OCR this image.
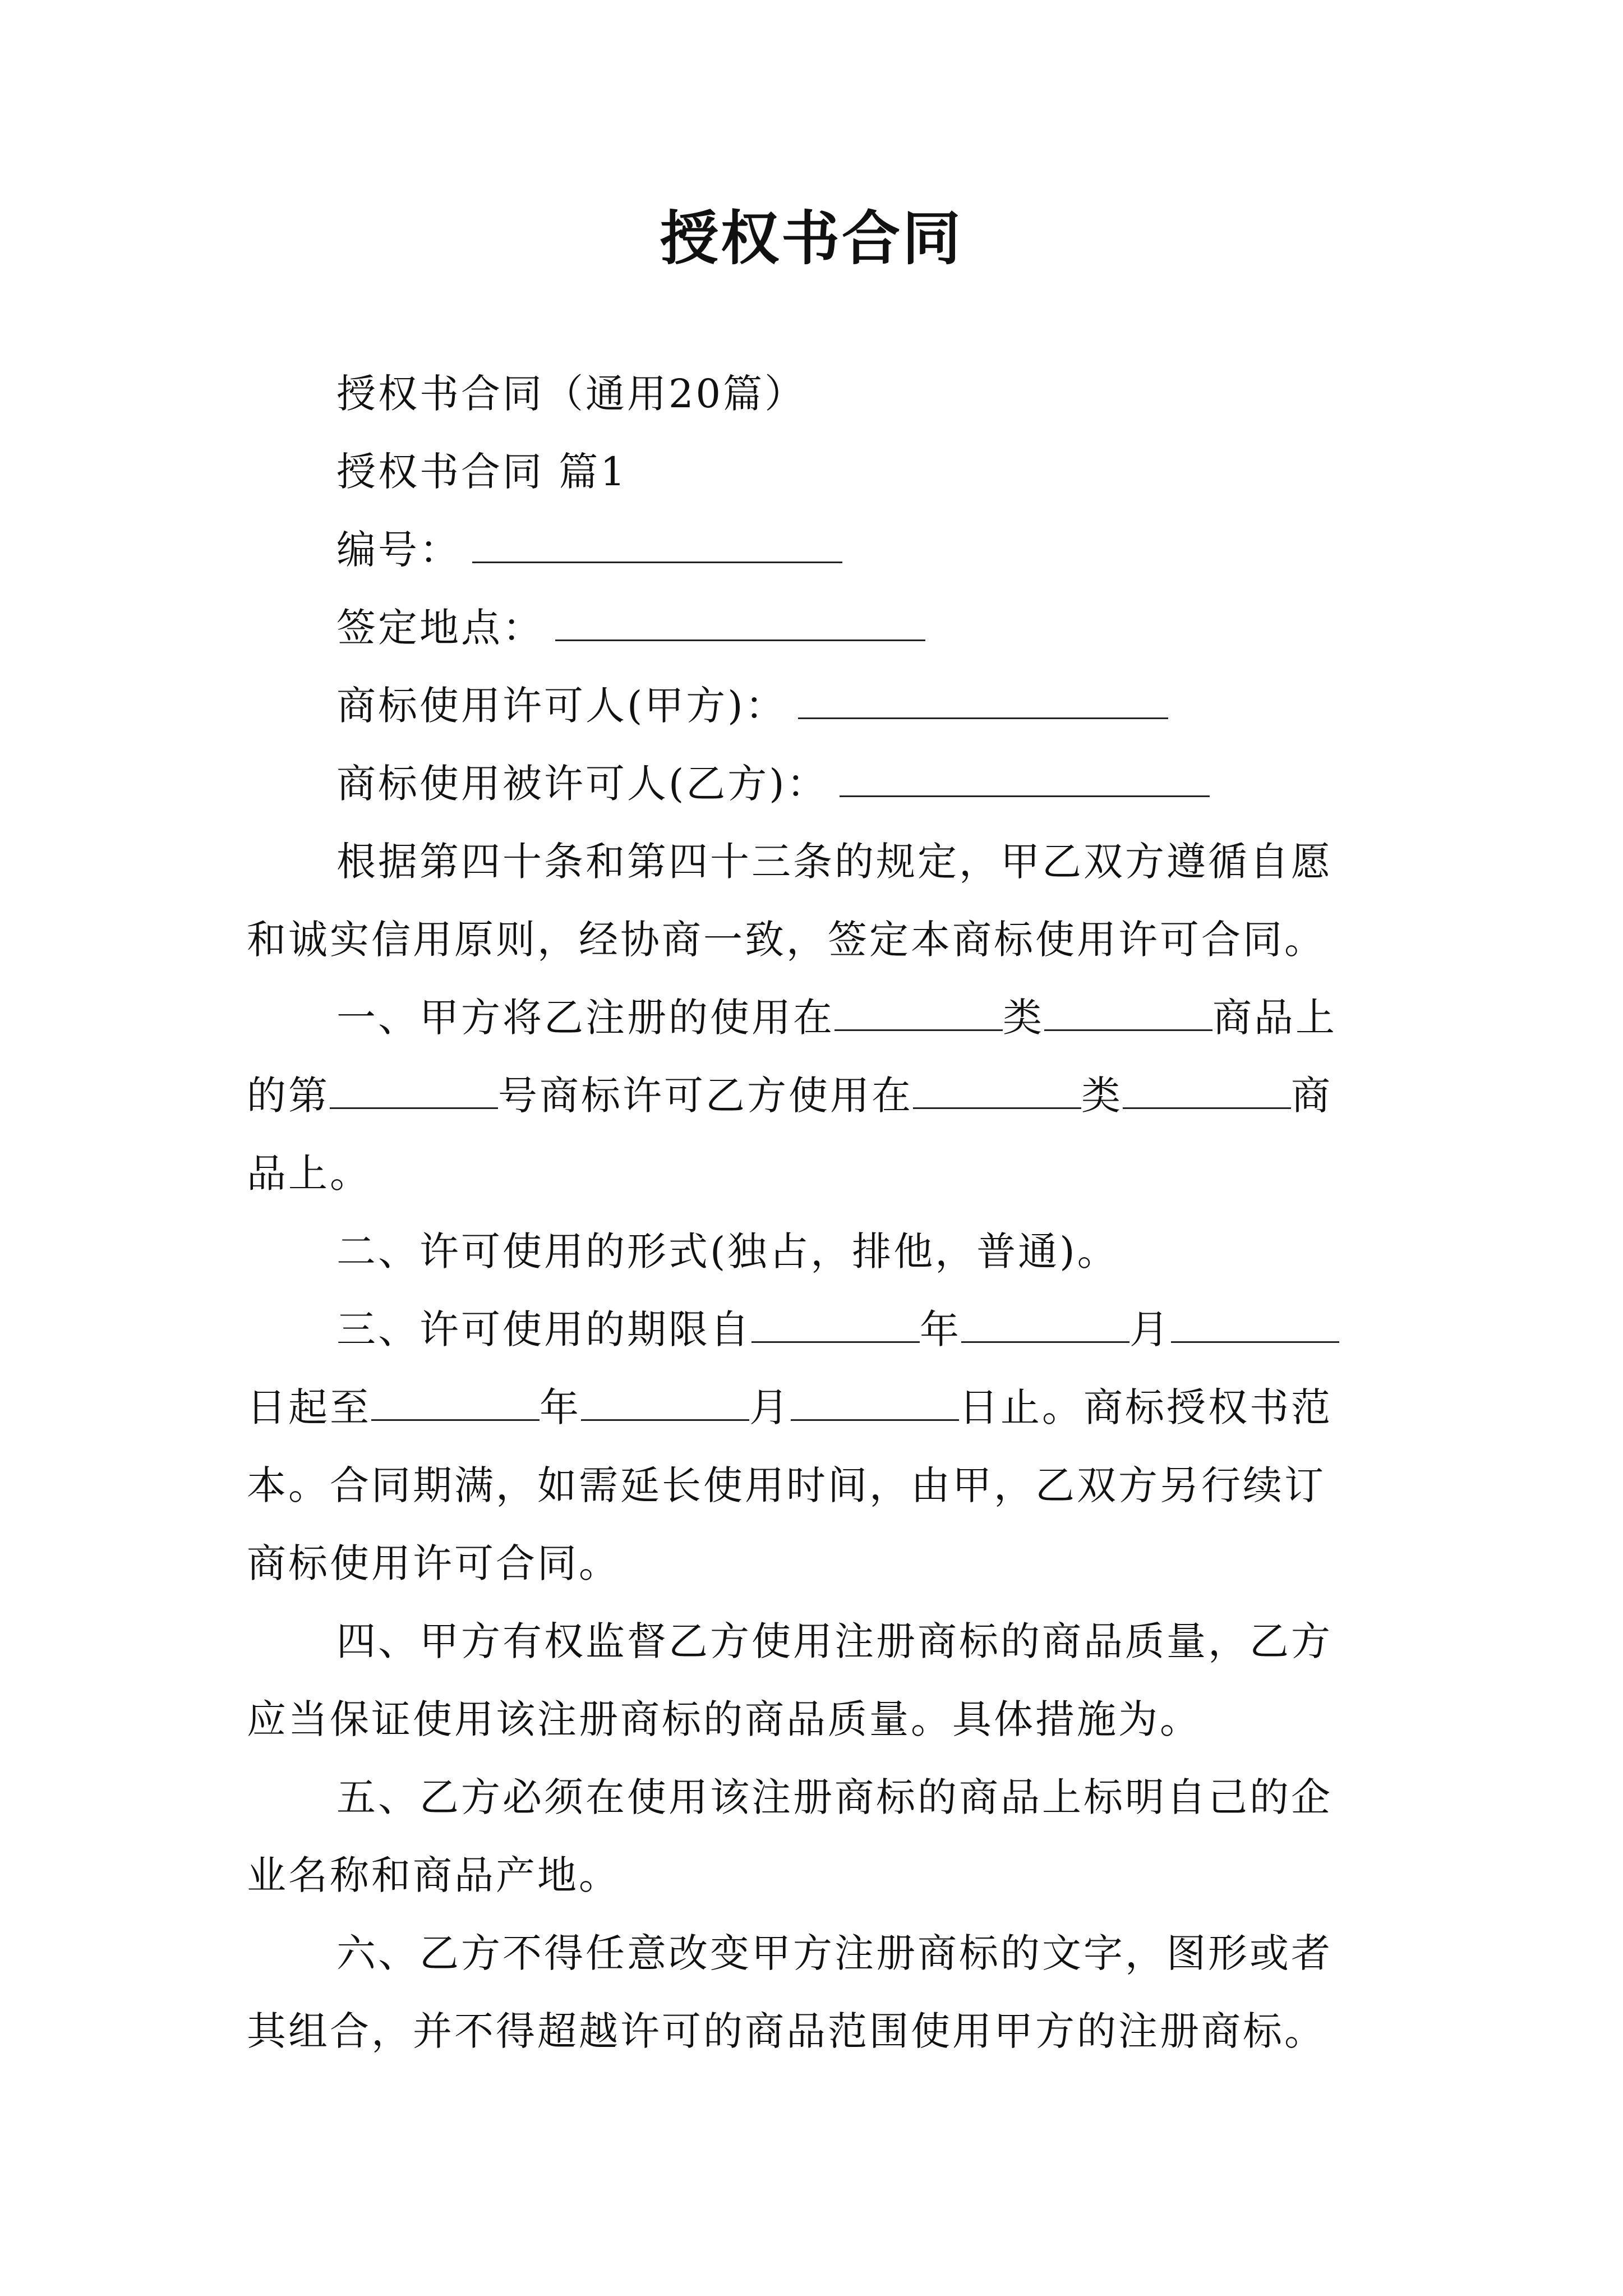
授权书合同
授权书合同（通用20篇）
授权书合同 篇1
编号：
签定地点：
商标使用许可人(甲方)：
商标使用被许可人(乙方)：
根据第四十条和第四十三条的规定，甲乙双方遵循自愿
和诚实信用原则，经协商一致，签定本商标使用许可合同。
一、甲方将乙注册的使用在	类	商品上
的第	号商标许可乙方使用在	类	商
品上。
二、许可使用的形式(独占，排他，普通)。
三、许可使用的期限自	年	月
日起至	年	月	日止。商标授权书范
本。合同期满，如需延长使用时间，由甲，乙双方另行续订
商标使用许可合同。
四、甲方有权监督乙方使用注册商标的商品质量，乙方
应当保证使用该注册商标的商品质量。具体措施为。
五、乙方必须在使用该注册商标的商品上标明自己的企
业名称和商品产地。
六、乙方不得任意改变甲方注册商标的文字，图形或者
其组合，并不得超越许可的商品范围使用甲方的注册商标。
